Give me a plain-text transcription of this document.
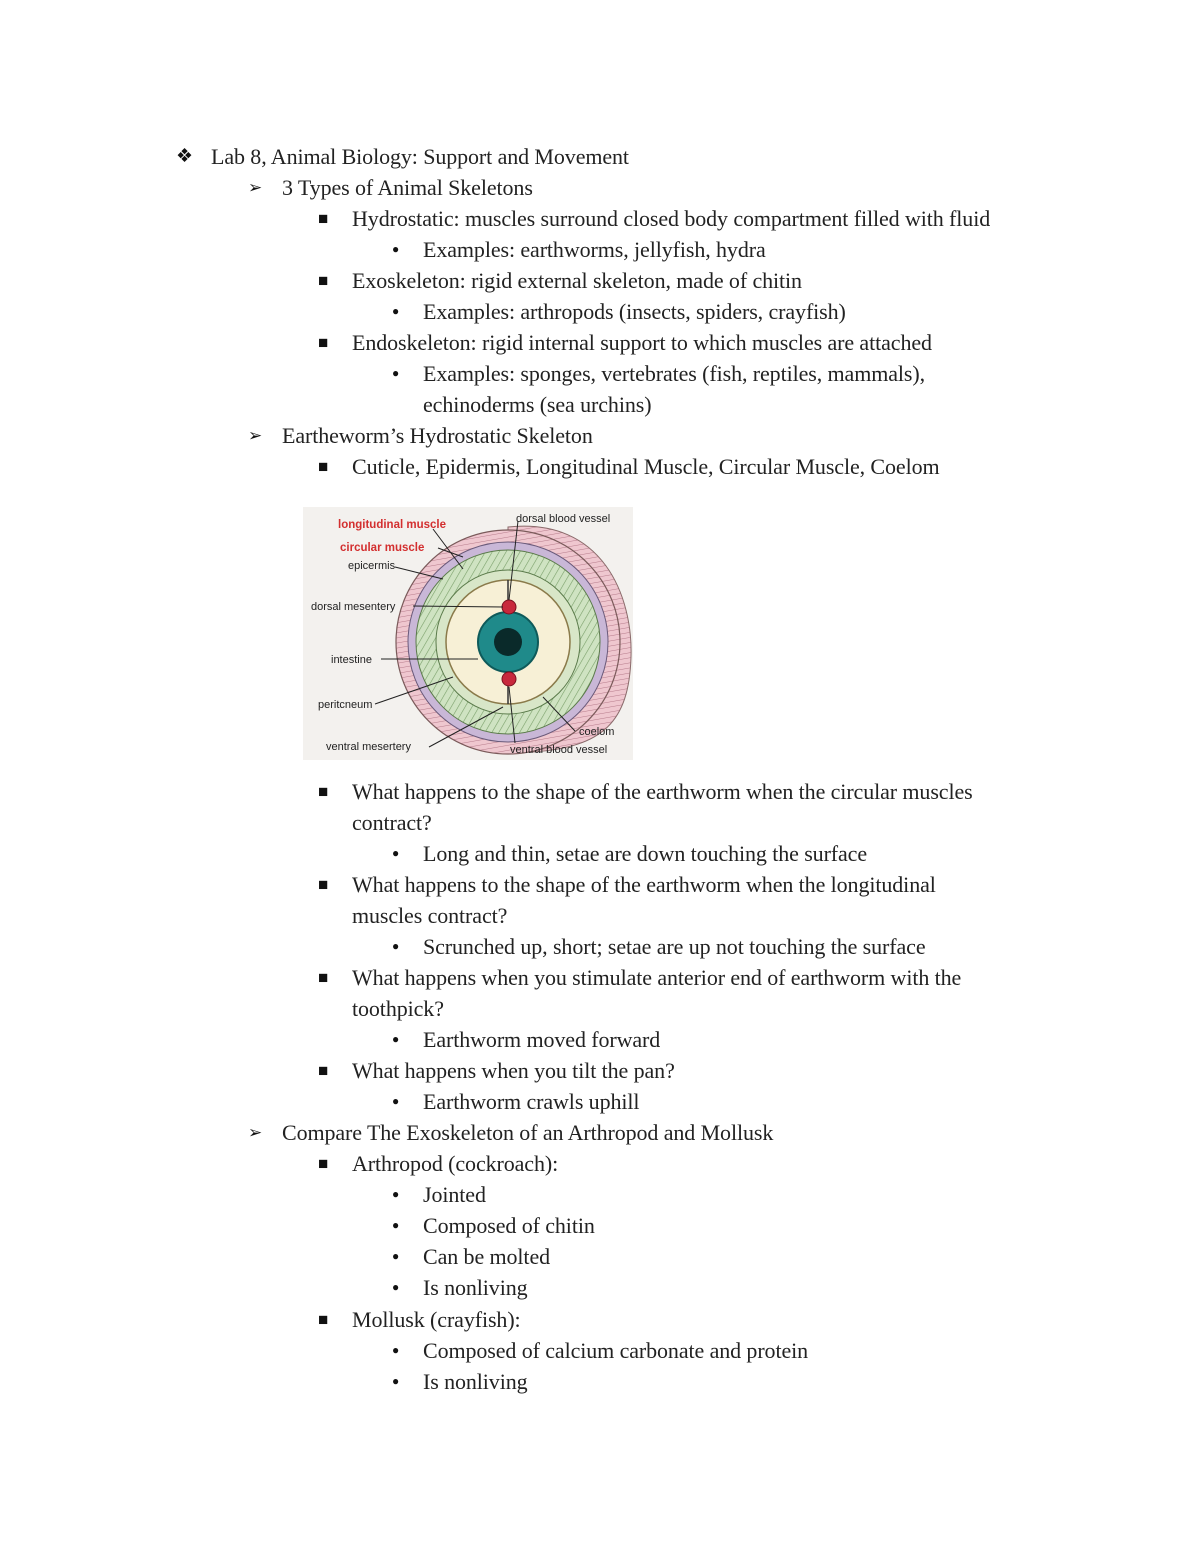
❖ Lab 8, Animal Biology: Support and Movement
➢ 3 Types of Animal Skeletons
■ Hydrostatic: muscles surround closed body compartment filled with fluid
● Examples: earthworms, jellyfish, hydra
■ Exoskeleton: rigid external skeleton, made of chitin
● Examples: arthropods (insects, spiders, crayfish)
■ Endoskeleton: rigid internal support to which muscles are attached
● Examples: sponges, vertebrates (fish, reptiles, mammals),
echinoderms (sea urchins)
➢ Eartheworm’s Hydrostatic Skeleton
■ Cuticle, Epidermis, Longitudinal Muscle, Circular Muscle, Coelom
longitudinal muscle
circular muscle
epicermis
dorsal mesentery
intestine
peritcneum
ventral mesertery
dorsal blood vessel
coelom
ventral blood vessel
■ What happens to the shape of the earthworm when the circular muscles
contract?
● Long and thin, setae are down touching the surface
■ What happens to the shape of the earthworm when the longitudinal
muscles contract?
● Scrunched up, short; setae are up not touching the surface
■ What happens when you stimulate anterior end of earthworm with the
toothpick?
● Earthworm moved forward
■ What happens when you tilt the pan?
● Earthworm crawls uphill
➢ Compare The Exoskeleton of an Arthropod and Mollusk
■ Arthropod (cockroach):
● Jointed
● Composed of chitin
● Can be molted
● Is nonliving
■ Mollusk (crayfish):
● Composed of calcium carbonate and protein
● Is nonliving
